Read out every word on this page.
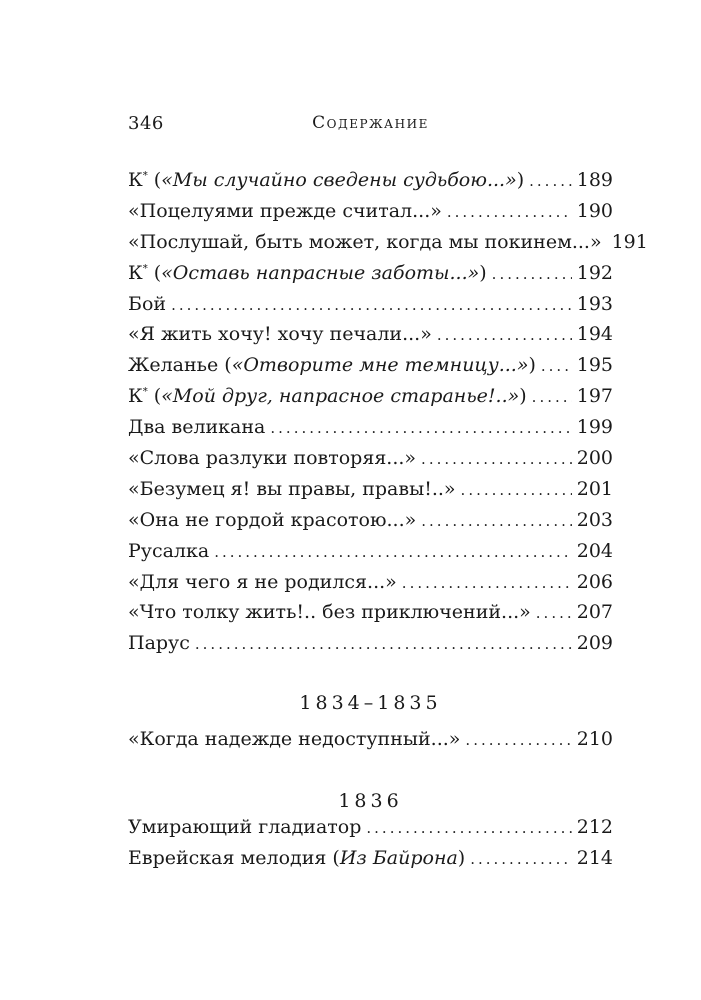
346	Содержание
К* («Мы случайно сведены судьбою...») .....	189
«Поцелуями прежде считал...» .....	190
«Послушай, быть может, когда мы покинем...» 191
К* («Оставь напрасные заботы...») .....	192
Бой .....	193
«Я жить хочу! хочу печали...» .....	194
Желанье («Отворите мне темницу...») ..... 195
К* («Мой друг, напрасное старанье!..») .....	197
Два великана .....	199
«Слова разлуки повторяя...» .....	200
«Безумец я! вы правы, правы!..» .....	201
«Она не гордой красотою...» .....	203
Русалка .....	204
«Для чего я не родился...» .....	206
«Что толку жить!.. без приключений...» ..... 207
Парус .....	209
1834–1835
«Когда надежде недоступный...» .....	210
1836
Умирающий гладиатор .....	212
Еврейская мелодия (Из Байрона) .....	214
